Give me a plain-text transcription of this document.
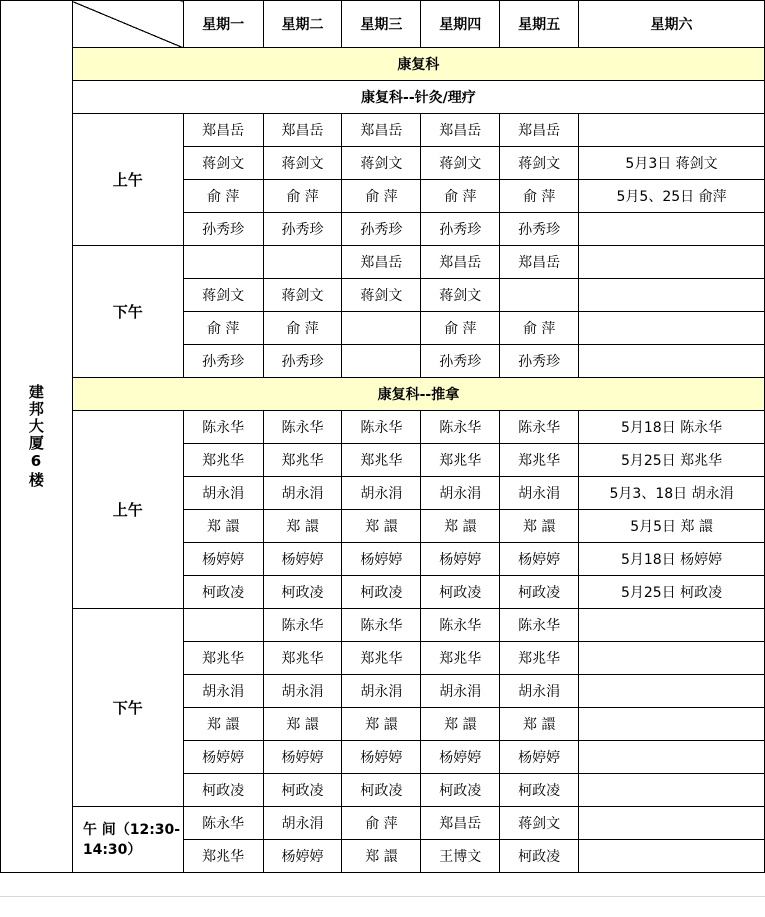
建邦大厦6楼		星期一	星期二	星期三	星期四	星期五	星期六
	康复科						
	康复科--针灸/理疗						
	上午	郑昌岳	郑昌岳	郑昌岳	郑昌岳	郑昌岳	
		蒋剑文	蒋剑文	蒋剑文	蒋剑文	蒋剑文	5月3日 蒋剑文
		俞 萍	俞 萍	俞 萍	俞 萍	俞 萍	5月5、25日 俞萍
		孙秀珍	孙秀珍	孙秀珍	孙秀珍	孙秀珍	
	下午			郑昌岳	郑昌岳	郑昌岳	
		蒋剑文	蒋剑文	蒋剑文	蒋剑文		
		俞 萍	俞 萍		俞 萍	俞 萍	
		孙秀珍	孙秀珍		孙秀珍	孙秀珍	
	康复科--推拿						
	上午	陈永华	陈永华	陈永华	陈永华	陈永华	5月18日 陈永华
		郑兆华	郑兆华	郑兆华	郑兆华	郑兆华	5月25日 郑兆华
		胡永涓	胡永涓	胡永涓	胡永涓	胡永涓	5月3、18日 胡永涓
		郑 譞	郑 譞	郑 譞	郑 譞	郑 譞	5月5日 郑 譞
		杨婷婷	杨婷婷	杨婷婷	杨婷婷	杨婷婷	5月18日 杨婷婷
		柯政凌	柯政凌	柯政凌	柯政凌	柯政凌	5月25日 柯政凌
	下午		陈永华	陈永华	陈永华	陈永华	
		郑兆华	郑兆华	郑兆华	郑兆华	郑兆华	
		胡永涓	胡永涓	胡永涓	胡永涓	胡永涓	
		郑 譞	郑 譞	郑 譞	郑 譞	郑 譞	
		杨婷婷	杨婷婷	杨婷婷	杨婷婷	杨婷婷	
		柯政凌	柯政凌	柯政凌	柯政凌	柯政凌	
	午 间（12:30-14:30）	陈永华	胡永涓	俞 萍	郑昌岳	蒋剑文	
		郑兆华	杨婷婷	郑 譞	王博文	柯政凌	
